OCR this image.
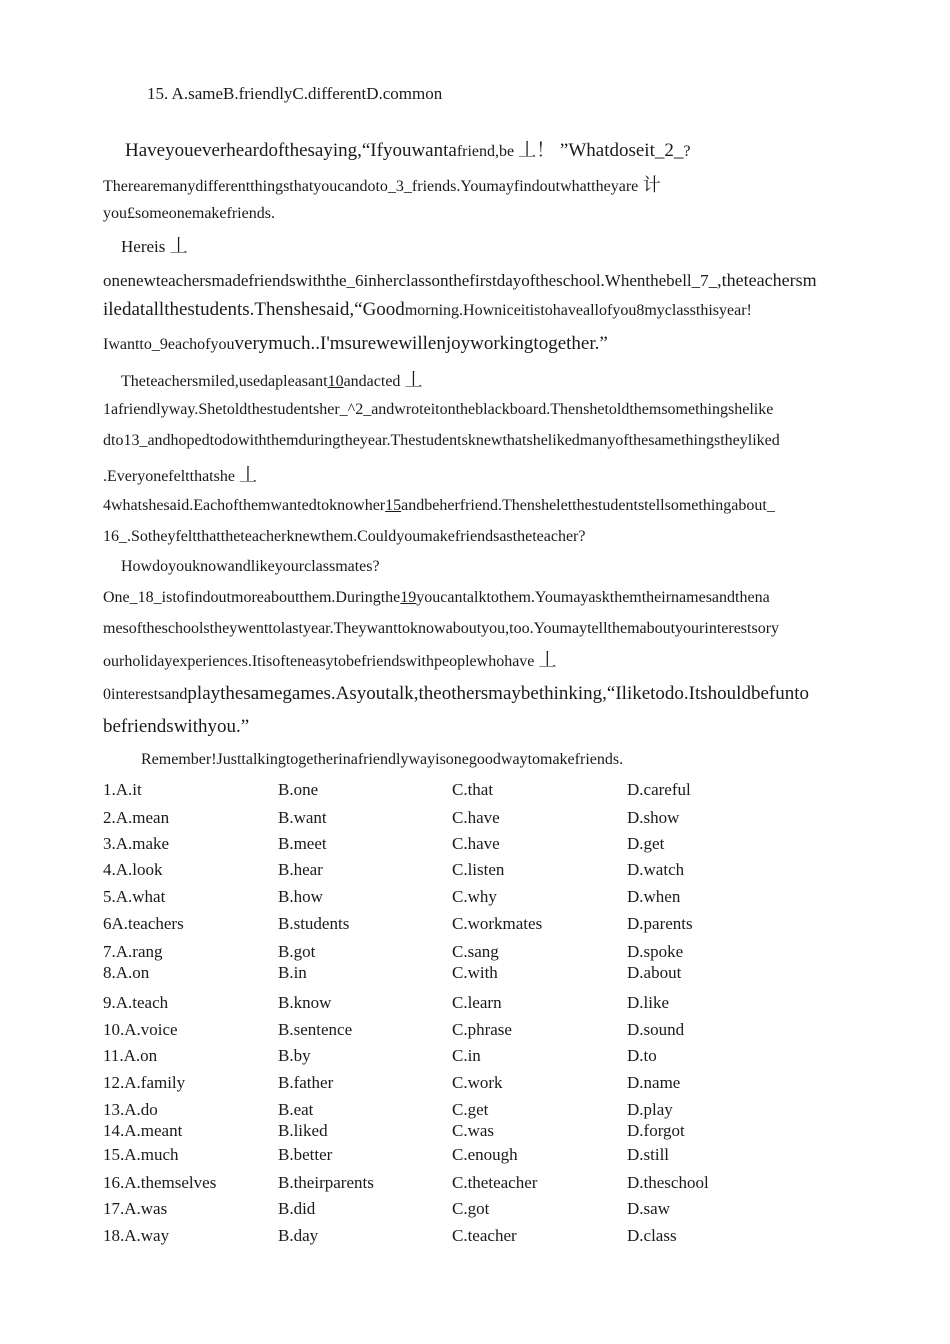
15. A.sameB.friendlyC.differentD.common
Haveyoueverheardofthesaying,“Ifyouwantafriend,be 丄！ ”Whatdoseit_2_?
Therearemanydifferentthingsthatyoucandoto_3_friends.Youmayfindoutwhattheyare 计
you£someonemakefriends.
Hereis 丄
onenewteachersmadefriendswiththe_6inherclassonthefirstdayoftheschool.Whenthebell_7_,theteachersm
iledatallthestudents.Thenshesaid,“Goodmorning.Howniceitistohaveallofyou8myclassthisyear!
Iwantto_9eachofyouverymuch..I'msurewewillenjoyworkingtogether.”
Theteachersmiled,usedapleasant10andacted 丄
1afriendlyway.Shetoldthestudentsher_^2_andwroteitontheblackboard.Thenshetoldthemsomethingshelike
dto13_andhopedtodowiththemduringtheyear.Thestudentsknewthatshelikedmanyofthesamethingstheyliked
.Everyonefeltthatshe 丄
4whatshesaid.Eachofthemwantedtoknowher15andbeherfriend.Thensheletthestudentstellsomethingabout_
16_.Sotheyfeltthattheteacherknewthem.Couldyoumakefriendsastheteacher?
Howdoyouknowandlikeyourclassmates?
One_18_istofindoutmoreaboutthem.Duringthe19youcantalktothem.Youmayaskthemtheirnamesandthena
mesoftheschoolstheywenttolastyear.Theywanttoknowaboutyou,too.Youmaytellthemaboutyourinterestsory
ourholidayexperiences.Itisofteneasytobefriendswithpeoplewhohave 丄
0interestsandplaythesamegames.Asyoutalk,theothersmaybethinking,“Iliketodo.Itshouldbefunto
befriendswithyou.”
Remember!Justtalkingtogetherinafriendlywayisonegoodwaytomakefriends.
1.A.it	B.one	C.that	D.careful
2.A.mean	B.want	C.have	D.show
3.A.make	B.meet	C.have	D.get
4.A.look	B.hear	C.listen	D.watch
5.A.what	B.how	C.why	D.when
6A.teachers	B.students	C.workmates	D.parents
7.A.rang	B.got	C.sang	D.spoke
8.A.on	B.in	C.with	D.about
9.A.teach	B.know	C.learn	D.like
10.A.voice	B.sentence	C.phrase	D.sound
11.A.on	B.by	C.in	D.to
12.A.family	B.father	C.work	D.name
13.A.do	B.eat	C.get	D.play
14.A.meant	B.liked	C.was	D.forgot
15.A.much	B.better	C.enough	D.still
16.A.themselves	B.theirparents	C.theteacher	D.theschool
17.A.was	B.did	C.got	D.saw
18.A.way	B.day	C.teacher	D.class
